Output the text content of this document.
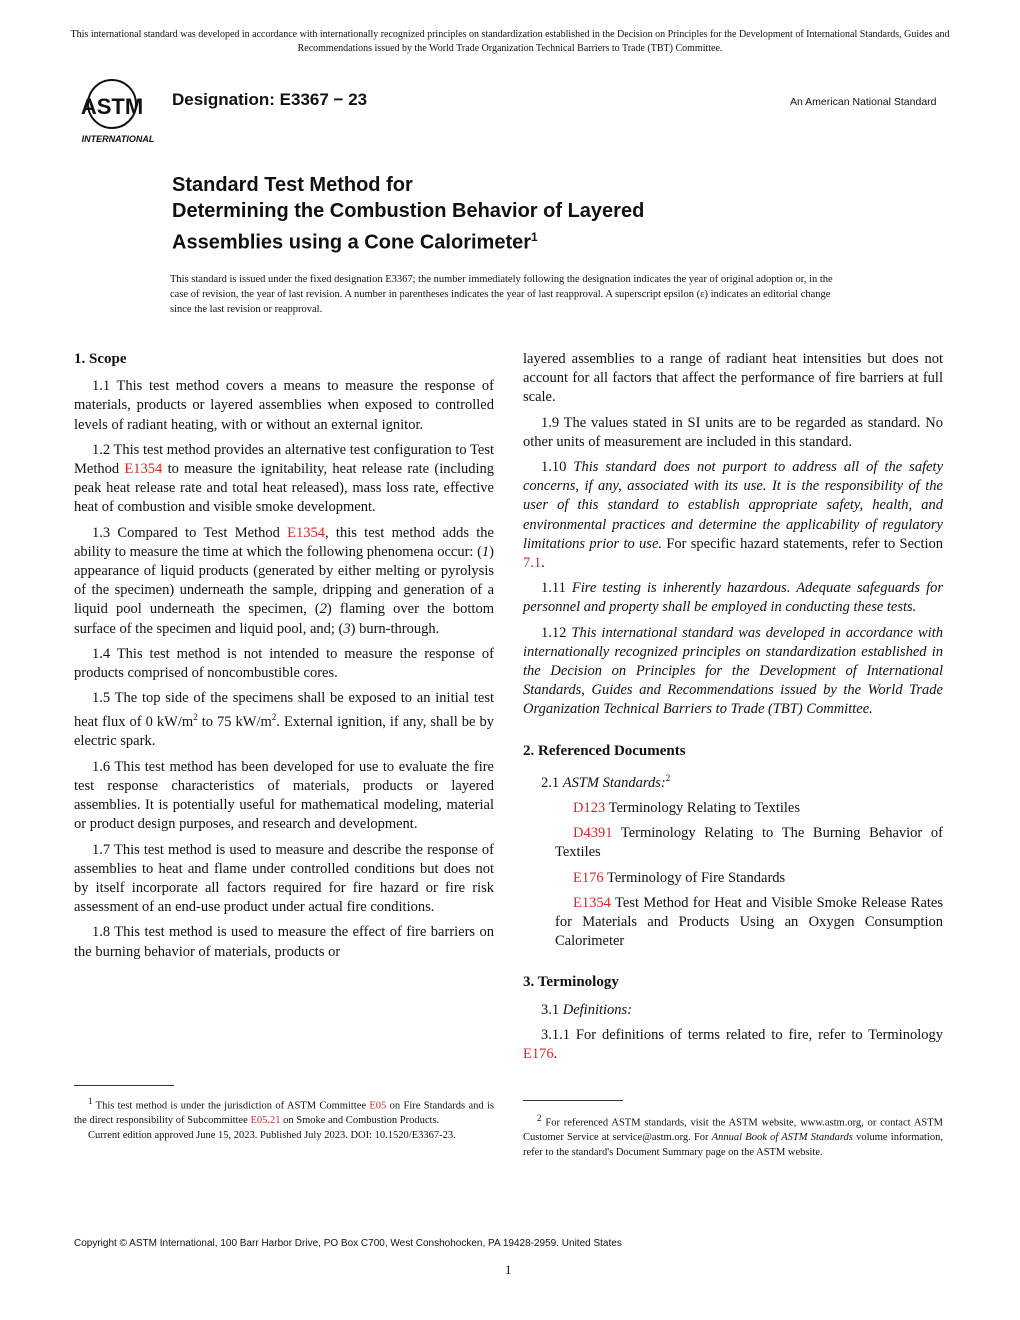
This international standard was developed in accordance with internationally recognized principles on standardization established in the Decision on Principles for the Development of International Standards, Guides and Recommendations issued by the World Trade Organization Technical Barriers to Trade (TBT) Committee.
ASTM
INTERNATIONAL
Designation: E3367 − 23	An American National Standard
Standard Test Method for
Determining the Combustion Behavior of Layered
Assemblies using a Cone Calorimeter$^1$
This standard is issued under the fixed designation E3367; the number immediately following the designation indicates the year of original adoption or, in the case of revision, the year of last revision. A number in parentheses indicates the year of last reapproval. A superscript epsilon (ε) indicates an editorial change since the last revision or reapproval.
1. Scope

1.1 This test method covers a means to measure the response of materials, products or layered assemblies when exposed to controlled levels of radiant heating, with or without an external ignitor.

1.2 This test method provides an alternative test configuration to Test Method E1354 to measure the ignitability, heat release rate (including peak heat release rate and total heat released), mass loss rate, effective heat of combustion and visible smoke development.

1.3 Compared to Test Method E1354, this test method adds the ability to measure the time at which the following phenomena occur: (1) appearance of liquid products (generated by either melting or pyrolysis of the specimen) underneath the sample, dripping and generation of a liquid pool underneath the specimen, (2) flaming over the bottom surface of the specimen and liquid pool, and; (3) burn-through.

1.4 This test method is not intended to measure the response of products comprised of noncombustible cores.

1.5 The top side of the specimens shall be exposed to an initial test heat flux of 0 $kW/m^2$ to 75 $kW/m^2$. External ignition, if any, shall be by electric spark.

1.6 This test method has been developed for use to evaluate the fire test response characteristics of materials, products or layered assemblies. It is potentially useful for mathematical modeling, material or product design purposes, and research and development.

1.7 This test method is used to measure and describe the response of assemblies to heat and flame under controlled conditions but does not by itself incorporate all factors required for fire hazard or fire risk assessment of an end-use product under actual fire conditions.

1.8 This test method is used to measure the effect of fire barriers on the burning behavior of materials, products or

layered assemblies to a range of radiant heat intensities but does not account for all factors that affect the performance of fire barriers at full scale.

1.9 The values stated in SI units are to be regarded as standard. No other units of measurement are included in this standard.

1.10 This standard does not purport to address all of the safety concerns, if any, associated with its use. It is the responsibility of the user of this standard to establish appropriate safety, health, and environmental practices and determine the applicability of regulatory limitations prior to use. For specific hazard statements, refer to Section 7.1.

1.11 Fire testing is inherently hazardous. Adequate safeguards for personnel and property shall be employed in conducting these tests.

1.12 This international standard was developed in accordance with internationally recognized principles on standardization established in the Decision on Principles for the Development of International Standards, Guides and Recommendations issued by the World Trade Organization Technical Barriers to Trade (TBT) Committee.

2. Referenced Documents

2.1 ASTM Standards:$^2$

D123 Terminology Relating to Textiles

D4391 Terminology Relating to The Burning Behavior of Textiles

E176 Terminology of Fire Standards

E1354 Test Method for Heat and Visible Smoke Release Rates for Materials and Products Using an Oxygen Consumption Calorimeter

3. Terminology

3.1 Definitions:

3.1.1 For definitions of terms related to fire, refer to Terminology E176.

$^1$ This test method is under the jurisdiction of ASTM Committee E05 on Fire Standards and is the direct responsibility of Subcommittee E05.21 on Smoke and Combustion Products.

Current edition approved June 15, 2023. Published July 2023. DOI: 10.1520/E3367-23.

$^2$ For referenced ASTM standards, visit the ASTM website, www.astm.org, or contact ASTM Customer Service at service@astm.org. For Annual Book of ASTM Standards volume information, refer to the standard's Document Summary page on the ASTM website.

Copyright © ASTM International, 100 Barr Harbor Drive, PO Box C700, West Conshohocken, PA 19428-2959. United States
1
